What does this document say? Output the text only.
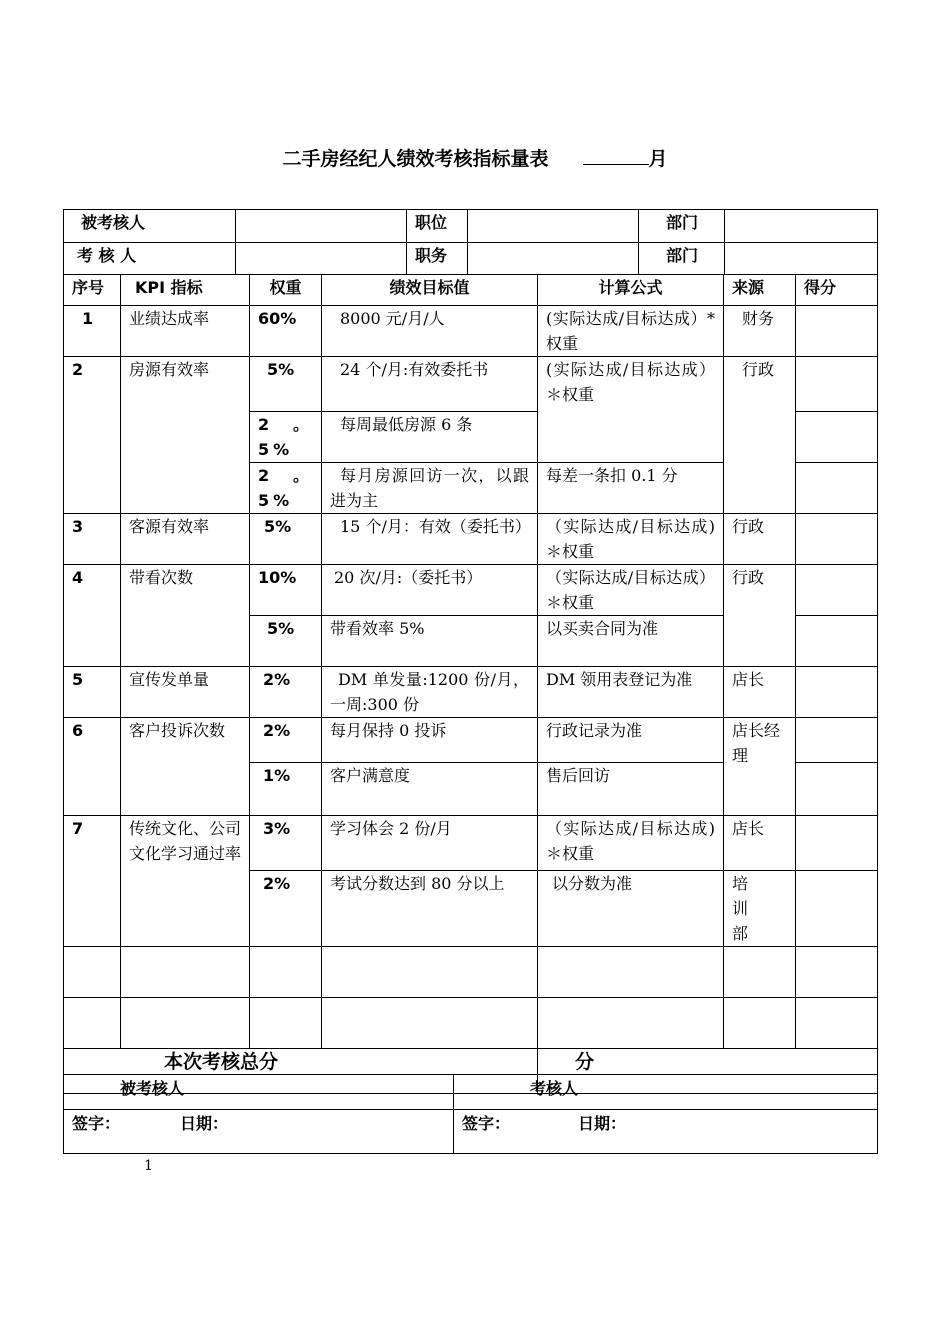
二手房经纪人绩效考核指标量表	月
被考核人		职位		部门	
考 核 人		职务		部门	
序号	KPI 指标	权重	绩效目标值	计算公式	来源	得分
1	业绩达成率	60%	8000 元/月/人	(实际达成/目标达成）*权重	财务	
2	房源有效率	5%	24 个/月:有效委托书	(实际达成/目标达成）＊权重	行政	
		2。5%	每周最低房源 6 条			
		2。5%	每月房源回访一次，以跟进为主	每差一条扣 0.1 分		
3	客源有效率	5%	15 个/月：有效（委托书）	（实际达成/目标达成)＊权重	行政	
4	带看次数	10%	20 次/月:（委托书）	（实际达成/目标达成）＊权重	行政	
		5%	带看效率 5%	以买卖合同为准		
5	宣传发单量	2%	DM 单发量:1200 份/月，一周:300 份	DM 领用表登记为准	店长	
6	客户投诉次数	2%	每月保持 0 投诉	行政记录为准	店长经理	
		1%	客户满意度	售后回访		
7	传统文化、公司文化学习通过率	3%	学习体会 2 份/月	（实际达成/目标达成)＊权重	店长	
		2%	考试分数达到 80 分以上	以分数为准	培训部	

本次考核总分				分		
被考核人	考核人
签字： 日期：	签字： 日期：
1
